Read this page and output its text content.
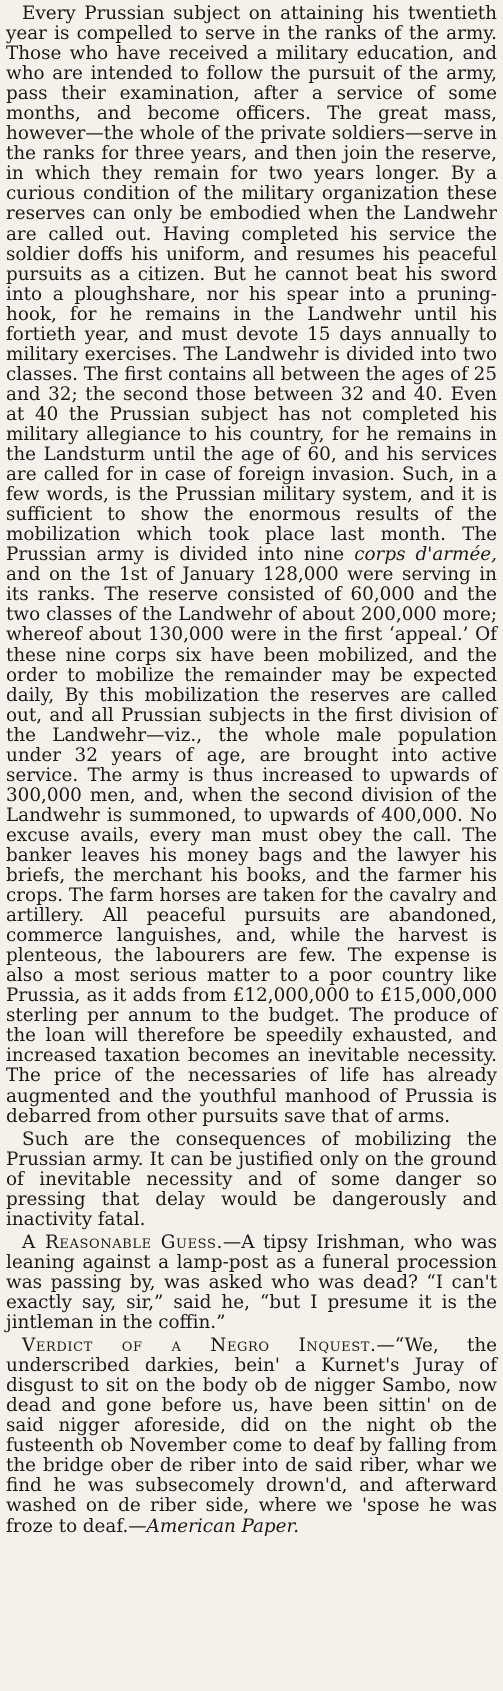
Every Prussian subject on attaining his twentieth year is compelled to serve in the ranks of the army. Those who have received a military education, and who are intended to follow the pursuit of the army, pass their examination, after a service of some months, and become officers. The great mass, however—the whole of the private soldiers—serve in the ranks for three years, and then join the reserve, in which they remain for two years longer. By a curious condition of the military organization these reserves can only be embodied when the Landwehr are called out. Having completed his service the soldier doffs his uniform, and resumes his peaceful pursuits as a citizen. But he cannot beat his sword into a ploughshare, nor his spear into a pruning-hook, for he remains in the Landwehr until his fortieth year, and must devote 15 days annually to military exercises. The Landwehr is divided into two classes. The first contains all between the ages of 25 and 32; the second those between 32 and 40. Even at 40 the Prussian subject has not completed his military allegiance to his country, for he remains in the Landsturm until the age of 60, and his services are called for in case of foreign invasion. Such, in a few words, is the Prussian military system, and it is sufficient to show the enormous results of the mobilization which took place last month. The Prussian army is divided into nine corps d'armée, and on the 1st of January 128,000 were serving in its ranks. The reserve consisted of 60,000 and the two classes of the Landwehr of about 200,000 more; whereof about 130,000 were in the first ‘appeal.’ Of these nine corps six have been mobilized, and the order to mobilize the remainder may be expected daily, By this mobilization the reserves are called out, and all Prussian subjects in the first division of the Landwehr—viz., the whole male population under 32 years of age, are brought into active service. The army is thus increased to upwards of 300,000 men, and, when the second division of the Landwehr is summoned, to upwards of 400,000. No excuse avails, every man must obey the call. The banker leaves his money bags and the lawyer his briefs, the merchant his books, and the farmer his crops. The farm horses are taken for the cavalry and artillery. All peaceful pursuits are abandoned, commerce languishes, and, while the harvest is plenteous, the labourers are few. The expense is also a most serious matter to a poor country like Prussia, as it adds from £12,000,000 to £15,000,000 sterling per annum to the budget. The produce of the loan will therefore be speedily exhausted, and increased taxation becomes an inevitable necessity. The price of the necessaries of life has already augmented and the youthful manhood of Prussia is debarred from other pursuits save that of arms.

Such are the consequences of mobilizing the Prussian army. It can be justified only on the ground of inevitable necessity and of some danger so pressing that delay would be dangerously and inactivity fatal.

A Reasonable Guess.—A tipsy Irishman, who was leaning against a lamp-post as a funeral procession was passing by, was asked who was dead? “I can't exactly say, sir,” said he, “but I presume it is the jintleman in the coffin.”

Verdict of a Negro Inquest.—“We, the underscribed darkies, bein' a Kurnet's Juray of disgust to sit on the body ob de nigger Sambo, now dead and gone before us, have been sittin' on de said nigger aforeside, did on the night ob the fusteenth ob November come to deaf by falling from the bridge ober de riber into de said riber, whar we find he was subsecomely drown'd, and afterward washed on de riber side, where we 'spose he was froze to deaf.—American Paper.
